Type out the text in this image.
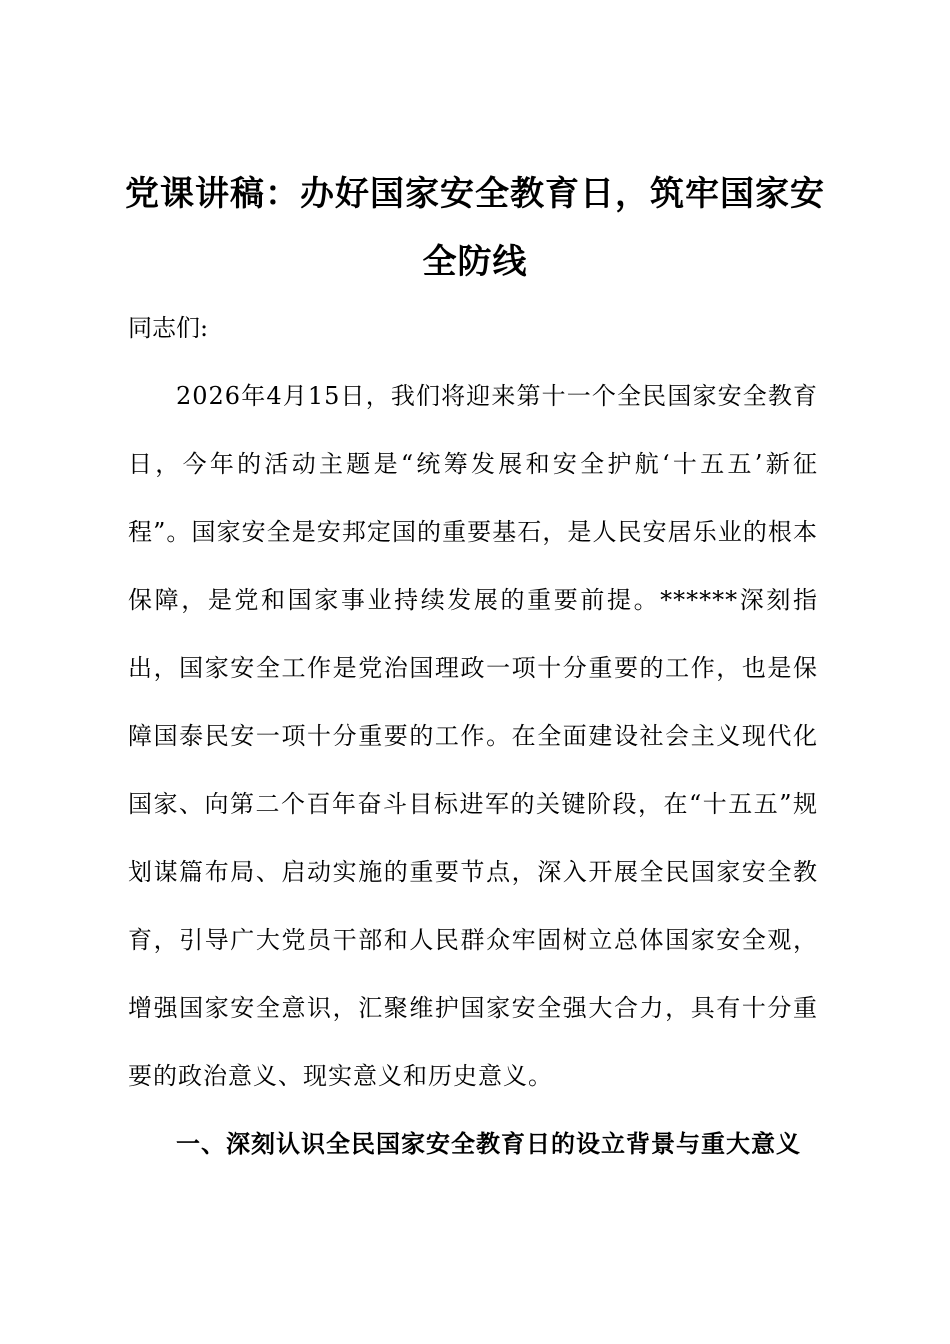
党课讲稿：办好国家安全教育日，筑牢国家安全防线
同志们:
2026年4月15日，我们将迎来第十一个全民国家安全教育日，今年的活动主题是“统筹发展和安全护航‘十五五’新征程”。国家安全是安邦定国的重要基石，是人民安居乐业的根本保障，是党和国家事业持续发展的重要前提。******深刻指出，国家安全工作是党治国理政一项十分重要的工作，也是保障国泰民安一项十分重要的工作。在全面建设社会主义现代化国家、向第二个百年奋斗目标进军的关键阶段，在“十五五”规划谋篇布局、启动实施的重要节点，深入开展全民国家安全教育，引导广大党员干部和人民群众牢固树立总体国家安全观，增强国家安全意识，汇聚维护国家安全强大合力，具有十分重要的政治意义、现实意义和历史意义。
一、深刻认识全民国家安全教育日的设立背景与重大意义
